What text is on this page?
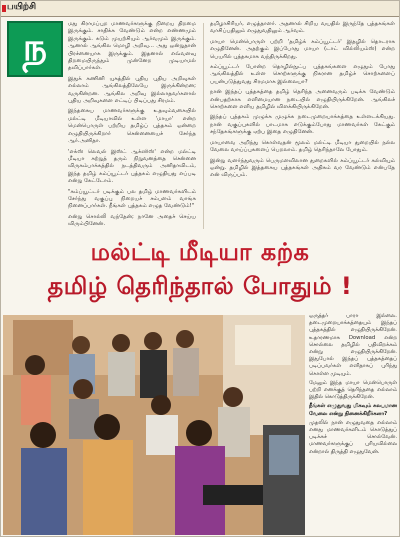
பயிற்சி
ந	மது கிராமப்புற மாணவர்களுக்கு நிறைய திறமை இருக்கும். சாதிக்க வேண்டும் என்ற எண்ணமும் இருக்கும். கடும் முயற்சியும் ஆர்வமும் இருக்கும். ஆனால் ஆங்கில மொழி அறிவு... அது ஒன்றுதான் பிரச்னையாக இருக்கும். இதனால் எவ்வளவு திறமையிருந்தும் முன்னேற முடியாமல் தவிப்பார்கள்.

இதுக் கணினி யுகத்தில் புதிய புதிய அறிவுகள் எல்லாம் ஆங்கிலத்திலேயே இருக்கின்றன; வருகின்றன. ஆங்கில அறிவு இல்லாதவர்களால் புதிய அறிவுகளை எட்டிப் பிடிப்பது சிரமம்.

இந்தகைய மாணவர்களுக்கு உதவும்வகையில் மல்ட்டி மீடியாவில் உள்ள 'மாயா' என்ற மென்பொருள் பற்றிய தமிழ்ப் புத்தகம் ஒன்றை எழுதியிருக்கிறார் சென்னையைச் சேர்ந்த ஆர்.அனிதா.

'எக்ஸ் லெவல் இஸ்ட் ஆக்ஸிஸ்' என்ற மல்ட்டி மீடியா சுற்றுத் தரும் நிறுவனத்தை சென்னை விருகம்பாக்கத்தில் நடத்திவரும் அனிதாவிடம், இந்த தமிழ் கம்ப்யூட்டர் புத்தகம் எழுதியது எப்படி என்று கேட்டோம்.

"கம்ப்யூட்டர் படிக்கும் பல தமிழ் மாணவர்களிடம் சேர்ந்து வகுப்பு நிறையச் சம்பளம் வாங்க நினைப்பார்கள். நீங்கள் புத்தகம் எழுத வேண்டும்!"

என்று சொல்லி வந்தேன்; நானே அதைச் செய்ய விரும்பினேன்.

தமிழாசிரியர், எழுத்தாளர். அதனால் சிறிய வயதில் இருந்தே புத்தகங்கள் வாசிப்பதிலும் எழுதுவதிலும் ஆர்வம்.

மாயா மென்பொருள் பற்றி 'தமிழ்க் கம்ப்யூட்டர்' இதழில் தொடராக எழுதினேன். அதற்கும் இப்போது மாயா (டாட் வில்லியம்ஸ்) என்ற பெயரில் புத்தகமாக வந்திருக்கிறது.

கம்ப்யூட்டர் போன்ற தொழில்நுட்ப புத்தகங்களை எழுதும் போது ஆங்கிலத்தில் உள்ள சொற்களுக்கு நிகரான தமிழ்ச் சொற்களைப் பயன்படுத்துவது சிரமமாக இல்லையா?

நான் இந்தப் புத்தகத்தை தமிழ் தெரிந்த அனைவரும் படிக்க வேண்டும் என்பதற்காக எளிமையான நடையில் எழுதியிருக்கிறேன். ஆங்கிலச் சொற்களை எளிய தமிழில் விளக்கியிருக்கிறேன்.

இந்தப் புத்தகம் முழுக்க முழுக்க நடைமுறையாக்கத்தை உள்ளடக்கியது. நான் வகுப்புகளில் பாடமாக எடுக்கும்போது மாணவர்கள் கேட்கும் சந்தேகங்களுக்கு ஏற்ப இதை எழுதினேன்.

மாயாவை அறிந்து கொள்வதன் மூலம் மல்ட்டி மீடியா துறையில் நல்ல வேலை வாய்ப்புகளைப் பெறலாம். தமிழ் தெரிந்தாலே போதும்.

இன்று வளர்ந்துவரும் பெருமளவிலான துறைகளில் கம்ப்யூட்டர் கல்வியும் ஒன்று. தமிழில் இத்தகைய புத்தகங்கள் அதிகம் வர வேண்டும் என்பதே என் விருப்பம்.

மல்ட்டி மீடியா கற்க
தமிழ் தெரிந்தால் போதும் !

ஒருத்தர் பாரா இல்லை. தடைமுறையாக்கத்தையும் இந்தப் புத்தகத்தில் எழுதியிருக்கிறேன். உதாரணமாக Download என்ற சொல்லை தமிழில் பதிவிறக்கம் என்று எழுதியிருக்கிறேன். இதுபோல் இந்தப் புத்தகத்தைப் படிப்பவர்கள் எளிதாகப் புரிந்து கொள்ள முடியும்.

மேலும் இந்த மாயா மென்பொருள் பற்றி எனக்குத் தெரிந்ததை எல்லாம் இதில் கொடுத்திருக்கிறேன்.

நீங்கள் எழுதுவது மிகவும் சுலபமான வேலை என்று நினைக்கிறீர்களா?

முதலில் நான் எழுதுவதை எல்லாம் எனது மாணவர்களிடம் கொடுத்துப் படிக்கச் சொல்வேன். மாணவர்களுக்குப் புரியவில்லை என்றால் திருத்தி எழுதுவேன்.
